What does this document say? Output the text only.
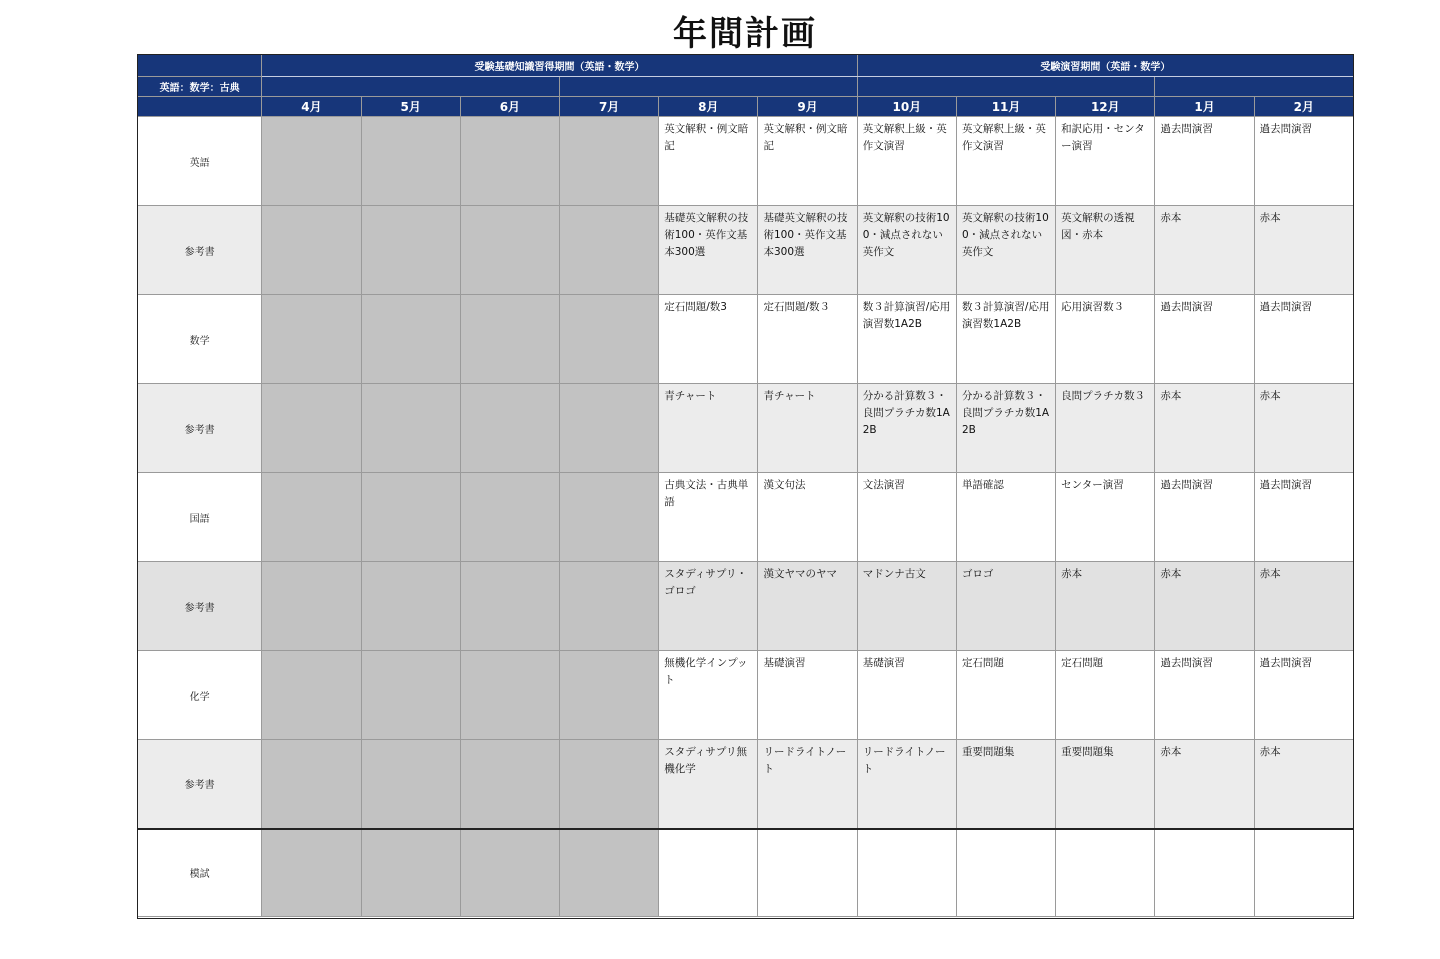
年間計画
	受験基礎知識習得期間（英語・数学）						受験演習期間（英語・数学）				
英語：数学：古典											
	4月	5月	6月	7月	8月	9月	10月	11月	12月	1月	2月
英語					英文解釈・例文暗記	英文解釈・例文暗記	英文解釈上級・英作文演習	英文解釈上級・英作文演習	和訳応用・センター演習	過去問演習	過去問演習
参考書					基礎英文解釈の技術100・英作文基本300選	基礎英文解釈の技術100・英作文基本300選	英文解釈の技術100・減点されない英作文	英文解釈の技術100・減点されない英作文	英文解釈の透視図・赤本	赤本	赤本
数学					定石問題/数3	定石問題/数３	数３計算演習/応用演習数1A2B	数３計算演習/応用演習数1A2B	応用演習数３	過去問演習	過去問演習
参考書					青チャート	青チャート	分かる計算数３・良問プラチカ数1A2B	分かる計算数３・良問プラチカ数1A2B	良問プラチカ数３	赤本	赤本
国語					古典文法・古典単語	漢文句法	文法演習	単語確認	センター演習	過去問演習	過去問演習
参考書					スタディサプリ・ゴロゴ	漢文ヤマのヤマ	マドンナ古文	ゴロゴ	赤本	赤本	赤本
化学					無機化学インプット	基礎演習	基礎演習	定石問題	定石問題	過去問演習	過去問演習
参考書					スタディサプリ無機化学	リードライトノート	リードライトノート	重要問題集	重要問題集	赤本	赤本
模試											
